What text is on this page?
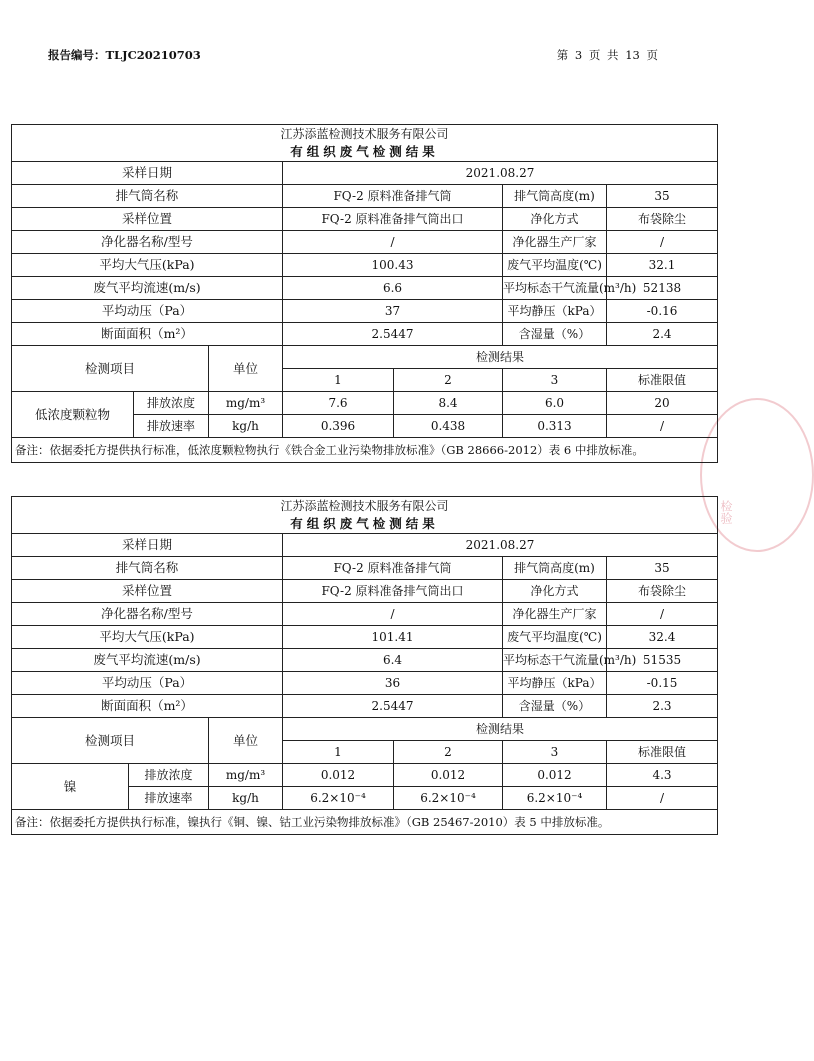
报告编号：TLJC20210703	第 3 页 共 13 页
检验
江苏添蓝检测技术服务有限公司						
有组织废气检测结果						
采样日期			2021.08.27			
排气筒名称			FQ-2 原料准备排气筒		排气筒高度(m)	35
采样位置			FQ-2 原料准备排气筒出口		净化方式	布袋除尘
净化器名称/型号			/		净化器生产厂家	/
平均大气压(kPa)			100.43		废气平均温度(℃)	32.1
废气平均流速(m/s)			6.6		平均标态干气流量(m³/h)	52138
平均动压（Pa）			37		平均静压（kPa）	-0.16
断面面积（m²）			2.5447		含湿量（%）	2.4
检测项目		单位	检测结果			
			1	2	3	标准限值
低浓度颗粒物	排放浓度	mg/m³	7.6	8.4	6.0	20
	排放速率	kg/h	0.396	0.438	0.313	/
备注：依据委托方提供执行标准，低浓度颗粒物执行《铁合金工业污染物排放标准》（GB 28666-2012）表 6 中排放标准。						
江苏添蓝检测技术服务有限公司						
有组织废气检测结果						
采样日期			2021.08.27			
排气筒名称			FQ-2 原料准备排气筒		排气筒高度(m)	35
采样位置			FQ-2 原料准备排气筒出口		净化方式	布袋除尘
净化器名称/型号			/		净化器生产厂家	/
平均大气压(kPa)			101.41		废气平均温度(℃)	32.4
废气平均流速(m/s)			6.4		平均标态干气流量(m³/h)	51535
平均动压（Pa）			36		平均静压（kPa）	-0.15
断面面积（m²）			2.5447		含湿量（%）	2.3
检测项目		单位	检测结果			
			1	2	3	标准限值
镍	排放浓度	mg/m³	0.012	0.012	0.012	4.3
	排放速率	kg/h	6.2×10⁻⁴	6.2×10⁻⁴	6.2×10⁻⁴	/
备注：依据委托方提供执行标准，镍执行《铜、镍、钴工业污染物排放标准》（GB 25467-2010）表 5 中排放标准。						
